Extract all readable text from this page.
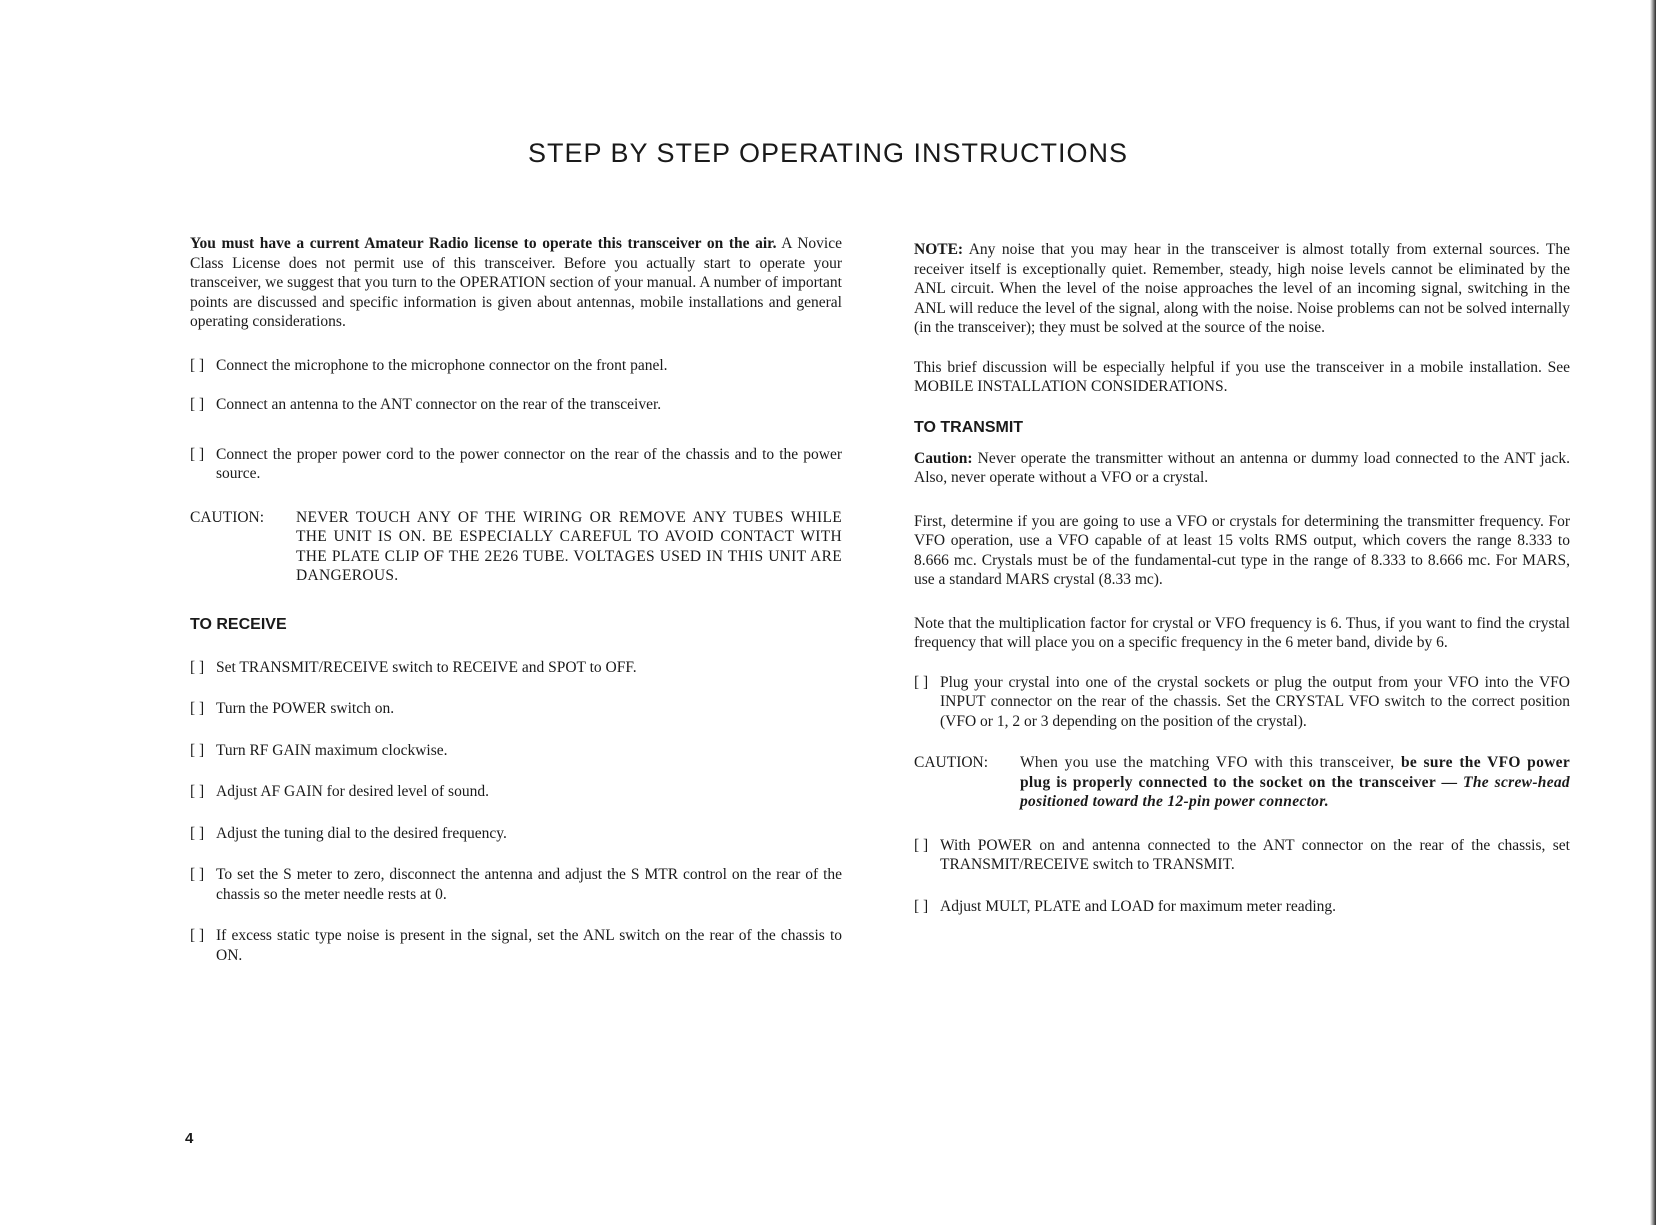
STEP BY STEP OPERATING INSTRUCTIONS

You must have a current Amateur Radio license to operate this transceiver on the air. A Novice Class License does not permit use of this transceiver. Before you actually start to operate your transceiver, we suggest that you turn to the OPERATION section of your manual. A number of important points are discussed and specific information is given about antennas, mobile installations and general operating considerations.

[ ] Connect the microphone to the microphone connector on the front panel.
[ ] Connect an antenna to the ANT connector on the rear of the transceiver.
[ ] Connect the proper power cord to the power connector on the rear of the chassis and to the power source.
CAUTION:	NEVER TOUCH ANY OF THE WIRING OR REMOVE ANY TUBES WHILE THE UNIT IS ON. BE ESPECIALLY CAREFUL TO AVOID CONTACT WITH THE PLATE CLIP OF THE 2E26 TUBE. VOLTAGES USED IN THIS UNIT ARE DANGEROUS.
TO RECEIVE
[ ] Set TRANSMIT/RECEIVE switch to RECEIVE and SPOT to OFF.
[ ] Turn the POWER switch on.
[ ] Turn RF GAIN maximum clockwise.
[ ] Adjust AF GAIN for desired level of sound.
[ ] Adjust the tuning dial to the desired frequency.
[ ] To set the S meter to zero, disconnect the antenna and adjust the S MTR control on the rear of the chassis so the meter needle rests at 0.
[ ] If excess static type noise is present in the signal, set the ANL switch on the rear of the chassis to ON.

NOTE: Any noise that you may hear in the transceiver is almost totally from external sources. The receiver itself is exceptionally quiet. Remember, steady, high noise levels cannot be eliminated by the ANL circuit. When the level of the noise approaches the level of an incoming signal, switching in the ANL will reduce the level of the signal, along with the noise. Noise problems can not be solved internally (in the transceiver); they must be solved at the source of the noise.

This brief discussion will be especially helpful if you use the transceiver in a mobile installation. See MOBILE INSTALLATION CONSIDERATIONS.

TO TRANSMIT

Caution: Never operate the transmitter without an antenna or dummy load connected to the ANT jack. Also, never operate without a VFO or a crystal.

First, determine if you are going to use a VFO or crystals for determining the transmitter frequency. For VFO operation, use a VFO capable of at least 15 volts RMS output, which covers the range 8.333 to 8.666 mc. Crystals must be of the fundamental-cut type in the range of 8.333 to 8.666 mc. For MARS, use a standard MARS crystal (8.33 mc).

Note that the multiplication factor for crystal or VFO frequency is 6. Thus, if you want to find the crystal frequency that will place you on a specific frequency in the 6 meter band, divide by 6.

[ ] Plug your crystal into one of the crystal sockets or plug the output from your VFO into the VFO INPUT connector on the rear of the chassis. Set the CRYSTAL VFO switch to the correct position (VFO or 1, 2 or 3 depending on the position of the crystal).
CAUTION:	When you use the matching VFO with this transceiver, be sure the VFO power plug is properly connected to the socket on the transceiver — The screw-head positioned toward the 12-pin power connector.
[ ] With POWER on and antenna connected to the ANT connector on the rear of the chassis, set TRANSMIT/RECEIVE switch to TRANSMIT.
[ ] Adjust MULT, PLATE and LOAD for maximum meter reading.
4
